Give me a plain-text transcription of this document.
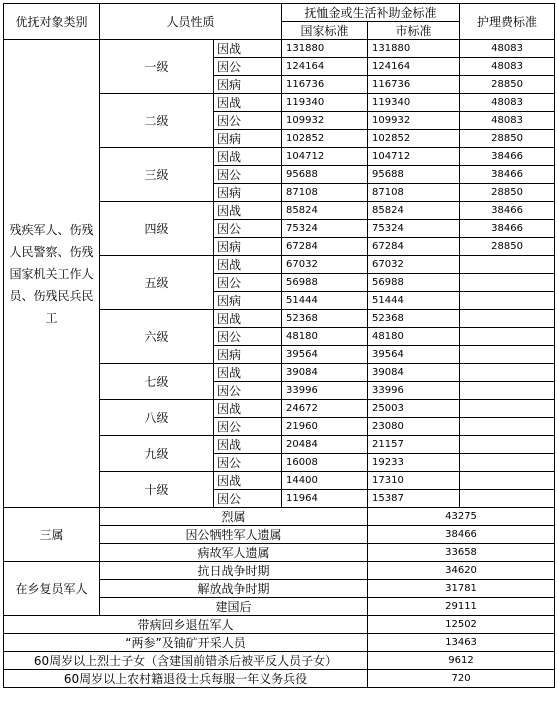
优抚对象类别	人员性质		抚恤金或生活补助金标准		护理费标准
			国家标准	市标准	
残疾军人、伤残人民警察、伤残国家机关工作人员、伤残民兵民工	一级	因战	131880	131880	48083
		因公	124164	124164	48083
		因病	116736	116736	28850
	二级	因战	119340	119340	48083
		因公	109932	109932	48083
		因病	102852	102852	28850
	三级	因战	104712	104712	38466
		因公	95688	95688	38466
		因病	87108	87108	28850
	四级	因战	85824	85824	38466
		因公	75324	75324	38466
		因病	67284	67284	28850
	五级	因战	67032	67032	
		因公	56988	56988	
		因病	51444	51444	
	六级	因战	52368	52368	
		因公	48180	48180	
		因病	39564	39564	
	七级	因战	39084	39084	
		因公	33996	33996	
	八级	因战	24672	25003	
		因公	21960	23080	
	九级	因战	20484	21157	
		因公	16008	19233	
	十级	因战	14400	17310	
		因公	11964	15387	
三属	烈属			43275	
	因公牺牲军人遗属			38466	
	病故军人遗属			33658	
在乡复员军人	抗日战争时期			34620	
	解放战争时期			31781	
	建国后			29111	
带病回乡退伍军人				12502	
“两参”及铀矿开采人员				13463	
60周岁以上烈士子女（含建国前错杀后被平反人员子女）				9612	
60周岁以上农村籍退役士兵每服一年义务兵役				720	
